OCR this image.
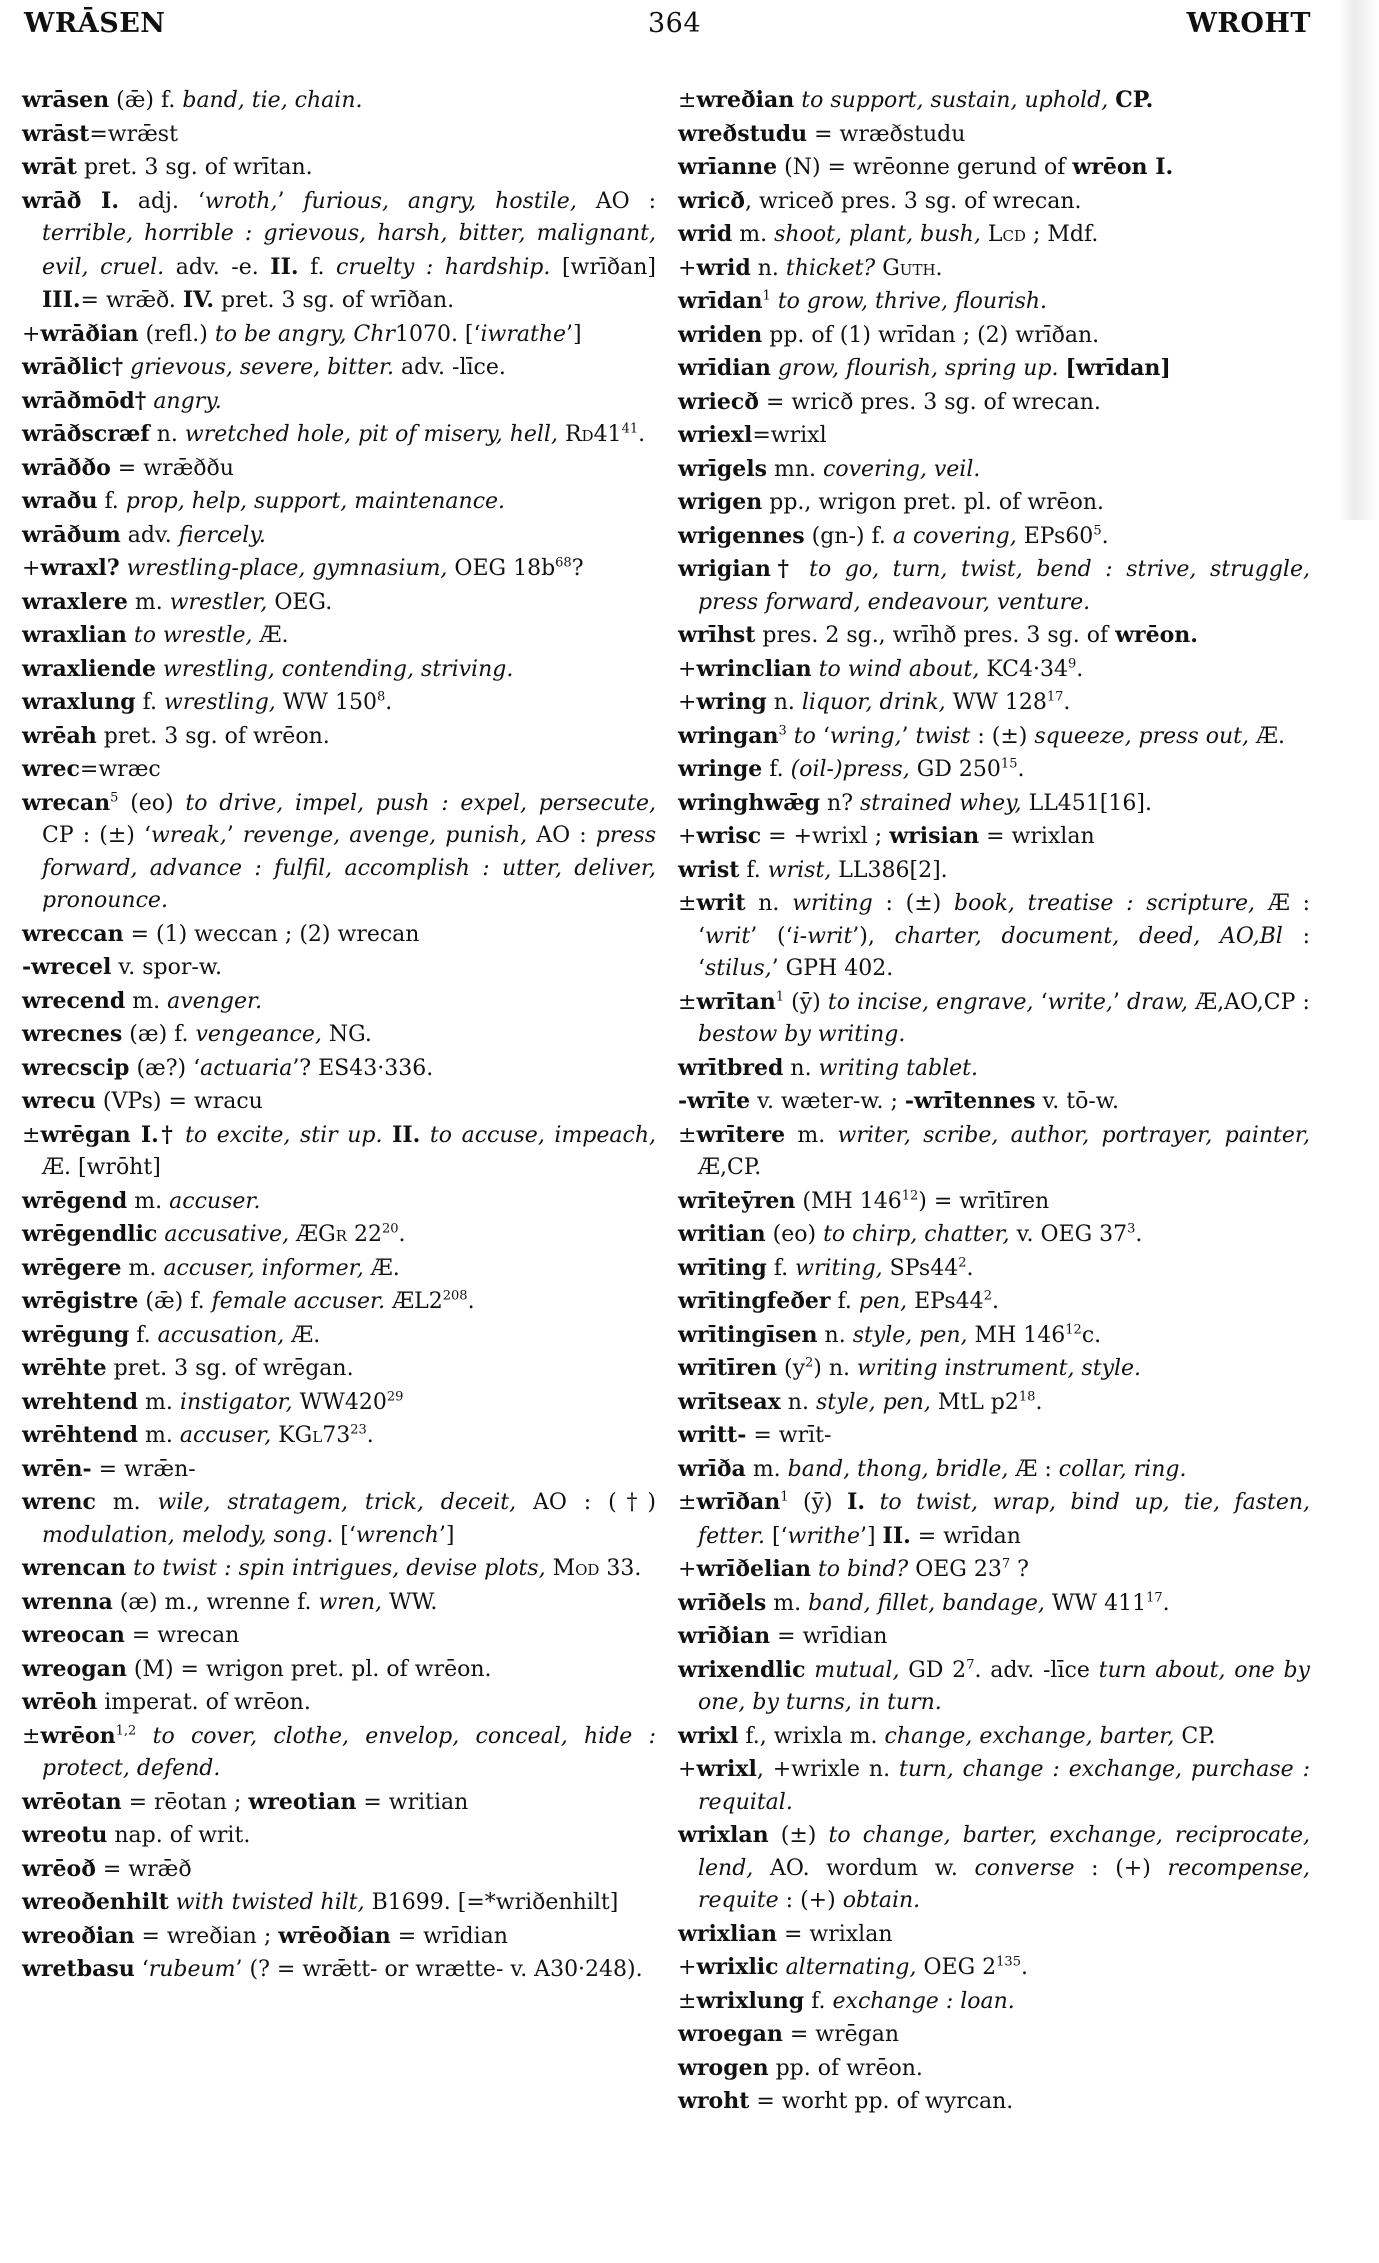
WRĀSEN	364	WROHT
wrāsen (ǣ) f. band, tie, chain.
wrāst=wrǣst
wrāt pret. 3 sg. of wrītan.
wrāð I. adj. ‘wroth,’ furious, angry, hostile, AO : terrible, horrible : grievous, harsh, bitter, malignant, evil, cruel. adv. -e. II. f. cruelty : hardship. [wrīðan] III.= wrǣð. IV. pret. 3 sg. of wrīðan.
+wrāðian (refl.) to be angry, Chr1070. [‘iwrathe’]
wrāðlic† grievous, severe, bitter. adv. -līce.
wrāðmōd† angry.
wrāðscræf n. wretched hole, pit of misery, hell, $Rd41^{41}$.
wrāððo = wrǣððu
wraðu f. prop, help, support, maintenance.
wrāðum adv. fiercely.
+wraxl? wrestling-place, gymnasium, OEG $18b^{68}$?
wraxlere m. wrestler, OEG.
wraxlian to wrestle, Æ.
wraxliende wrestling, contending, striving.
wraxlung f. wrestling, WW $150^8$.
wrēah pret. 3 sg. of wrēon.
wrec=wræc
wrecan$^5$ (eo) to drive, impel, push : expel, persecute, CP : (±) ‘wreak,’ revenge, avenge, punish, AO : press forward, advance : fulfil, accomplish : utter, deliver, pronounce.
wreccan = (1) weccan ; (2) wrecan
-wrecel v. spor-w.
wrecend m. avenger.
wrecnes (æ) f. vengeance, NG.
wrecscip (æ?) ‘actuaria’? ES43·336.
wrecu (VPs) = wracu
±wrēgan I.† to excite, stir up. II. to accuse, impeach, Æ. [wrōht]
wrēgend m. accuser.
wrēgendlic accusative, ÆGr $22^{20}$.
wrēgere m. accuser, informer, Æ.
wrēgistre (ǣ) f. female accuser. $ÆL2^{208}$.
wrēgung f. accusation, Æ.
wrēhte pret. 3 sg. of wrēgan.
wrehtend m. instigator, $WW420^{29}$
wrēhtend m. accuser, $KGl73^{23}$.
wrēn- = wrǣn-
wrenc m. wile, stratagem, trick, deceit, AO : (†) modulation, melody, song. [‘wrench’]
wrencan to twist : spin intrigues, devise plots, Mod 33.
wrenna (æ) m., wrenne f. wren, WW.
wreocan = wrecan
wreogan (M) = wrigon pret. pl. of wrēon.
wrēoh imperat. of wrēon.
±wrēon$^{1,2}$ to cover, clothe, envelop, conceal, hide : protect, defend.
wrēotan = rēotan ; wreotian = writian
wreotu nap. of writ.
wrēoð = wrǣð
wreoðenhilt with twisted hilt, B1699. [=*wriðenhilt]
wreoðian = wreðian ; wrēoðian = wrīdian
wretbasu ‘rubeum’ (? = wrǣtt- or wrætte- v. A30·248).
±wreðian to support, sustain, uphold, CP.
wreðstudu = wræðstudu
wrīanne (N) = wrēonne gerund of wrēon I.
wricð, wriceð pres. 3 sg. of wrecan.
wrid m. shoot, plant, bush, Lcd ; Mdf.
+wrid n. thicket? Guth.
wrīdan$^1$ to grow, thrive, flourish.
wriden pp. of (1) wrīdan ; (2) wrīðan.
wrīdian grow, flourish, spring up. [wrīdan]
wriecð = wricð pres. 3 sg. of wrecan.
wriexl=wrixl
wrīgels mn. covering, veil.
wrigen pp., wrigon pret. pl. of wrēon.
wrigennes (gn-) f. a covering, $EPs60^5$.
wrigian† to go, turn, twist, bend : strive, struggle, press forward, endeavour, venture.
wrīhst pres. 2 sg., wrīhð pres. 3 sg. of wrēon.
+wrinclian to wind about, $KC4\cdot 34^9$.
+wring n. liquor, drink, WW $128^{17}$.
wringan$^3$ to ‘wring,’ twist : (±) squeeze, press out, Æ.
wringe f. (oil-)press, GD $250^{15}$.
wringhwǣg n? strained whey, LL451[16].
+wrisc = +wrixl ; wrisian = wrixlan
wrist f. wrist, LL386[2].
±writ n. writing : (±) book, treatise : scripture, Æ : ‘writ’ (‘i-writ’), charter, document, deed, AO,Bl : ‘stilus,’ GPH 402.
±wrītan$^1$ (ȳ) to incise, engrave, ‘write,’ draw, Æ,AO,CP : bestow by writing.
wrītbred n. writing tablet.
-wrīte v. wæter-w. ; -wrītennes v. tō-w.
±wrītere m. writer, scribe, author, portrayer, painter, Æ,CP.
wrīteȳren (MH $146^{12}$) = wrītīren
writian (eo) to chirp, chatter, v. OEG $37^3$.
wrīting f. writing, $SPs44^2$.
wrītingfeðer f. pen, $EPs44^2$.
wrītingīsen n. style, pen, MH $146^{12}c$.
wrītīren $(y^2)$ n. writing instrument, style.
wrītseax n. style, pen, MtL $p2^{18}$.
writt- = wrīt-
wrīða m. band, thong, bridle, Æ : collar, ring.
±wrīðan$^1$ (ȳ) I. to twist, wrap, bind up, tie, fasten, fetter. [‘writhe’] II. = wrīdan
+wrīðelian to bind? OEG $23^7$ ?
wrīðels m. band, fillet, bandage, WW $411^{17}$.
wrīðian = wrīdian
wrixendlic mutual, GD $2^7$. adv. -līce turn about, one by one, by turns, in turn.
wrixl f., wrixla m. change, exchange, barter, CP.
+wrixl, +wrixle n. turn, change : exchange, purchase : requital.
wrixlan (±) to change, barter, exchange, reciprocate, lend, AO. wordum w. converse : (+) recompense, requite : (+) obtain.
wrixlian = wrixlan
+wrixlic alternating, OEG $2^{135}$.
±wrixlung f. exchange : loan.
wroegan = wrēgan
wrogen pp. of wrēon.
wroht = worht pp. of wyrcan.
